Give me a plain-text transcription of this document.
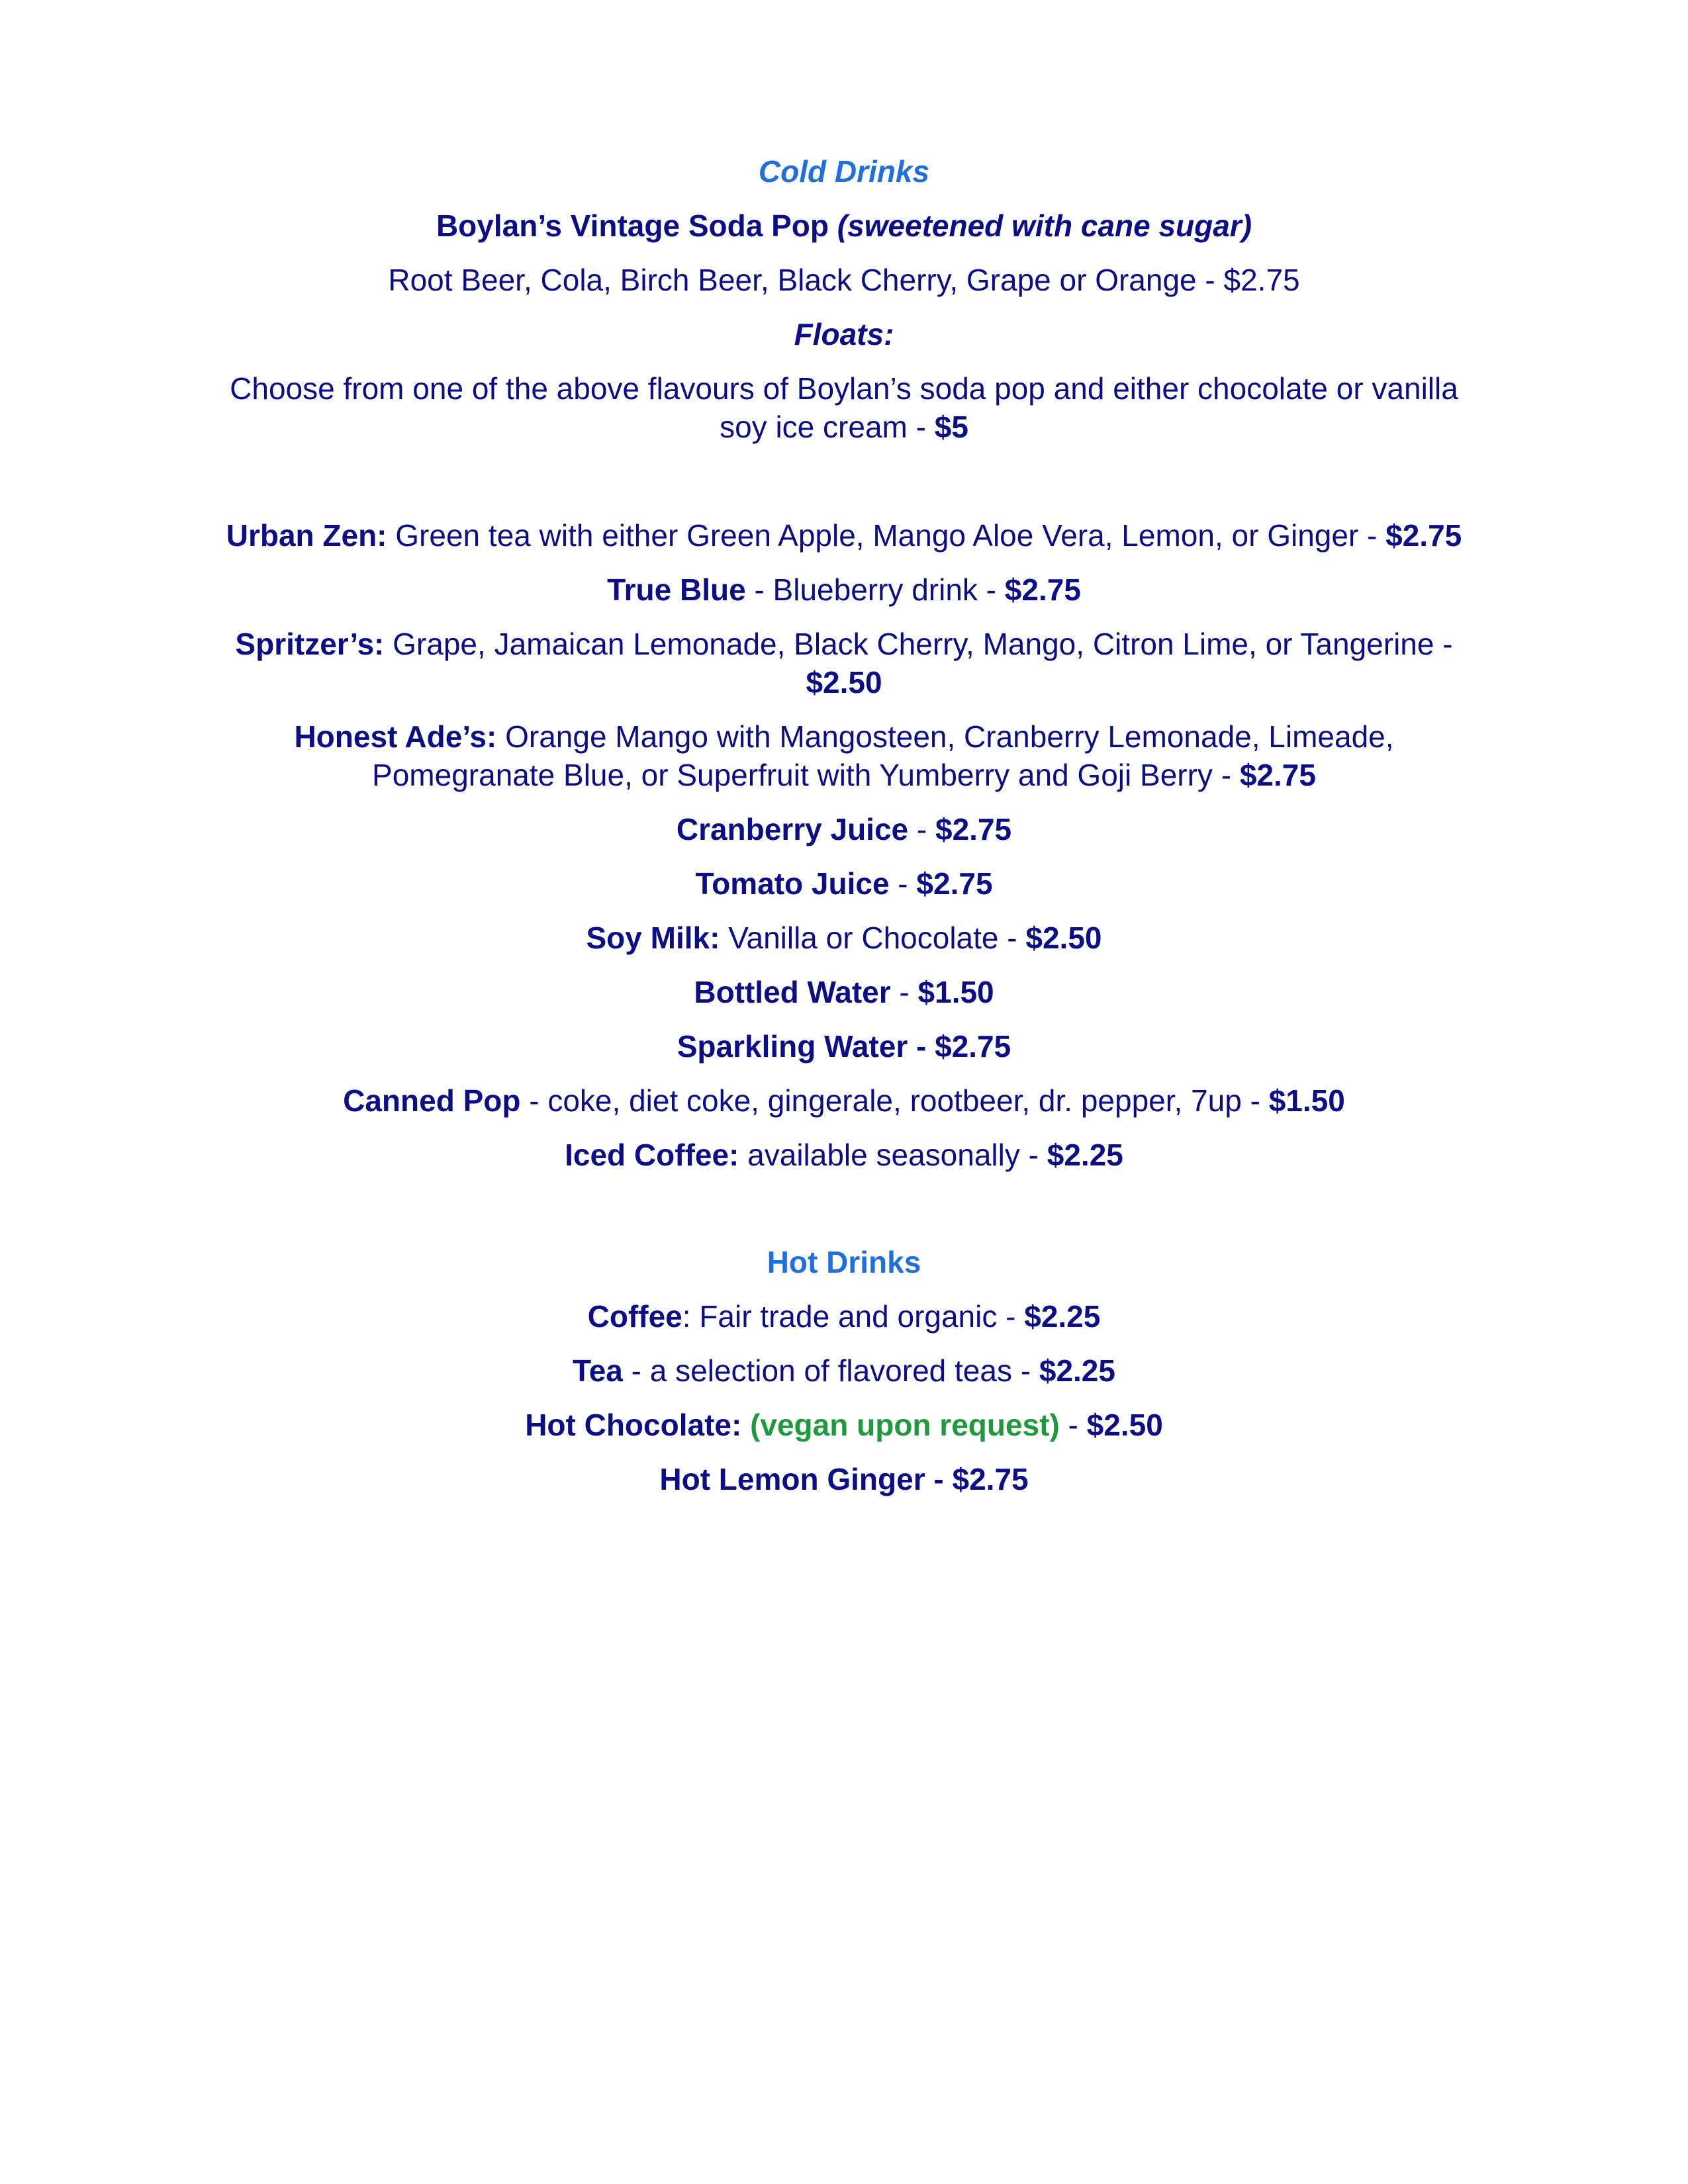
Cold Drinks

Boylan’s Vintage Soda Pop (sweetened with cane sugar)

Root Beer, Cola, Birch Beer, Black Cherry, Grape or Orange - $2.75

Floats:

Choose from one of the above flavours of Boylan’s soda pop and either chocolate or vanilla

soy ice cream - $5

Urban Zen: Green tea with either Green Apple, Mango Aloe Vera, Lemon, or Ginger - $2.75

True Blue - Blueberry drink - $2.75

Spritzer’s: Grape, Jamaican Lemonade, Black Cherry, Mango, Citron Lime, or Tangerine -

$2.50

Honest Ade’s: Orange Mango with Mangosteen, Cranberry Lemonade, Limeade,

Pomegranate Blue, or Superfruit with Yumberry and Goji Berry - $2.75

Cranberry Juice - $2.75

Tomato Juice - $2.75

Soy Milk: Vanilla or Chocolate - $2.50

Bottled Water - $1.50

Sparkling Water - $2.75

Canned Pop - coke, diet coke, gingerale, rootbeer, dr. pepper, 7up - $1.50

Iced Coffee: available seasonally - $2.25

Hot Drinks

Coffee: Fair trade and organic - $2.25

Tea - a selection of flavored teas - $2.25

Hot Chocolate: (vegan upon request) - $2.50

Hot Lemon Ginger - $2.75
